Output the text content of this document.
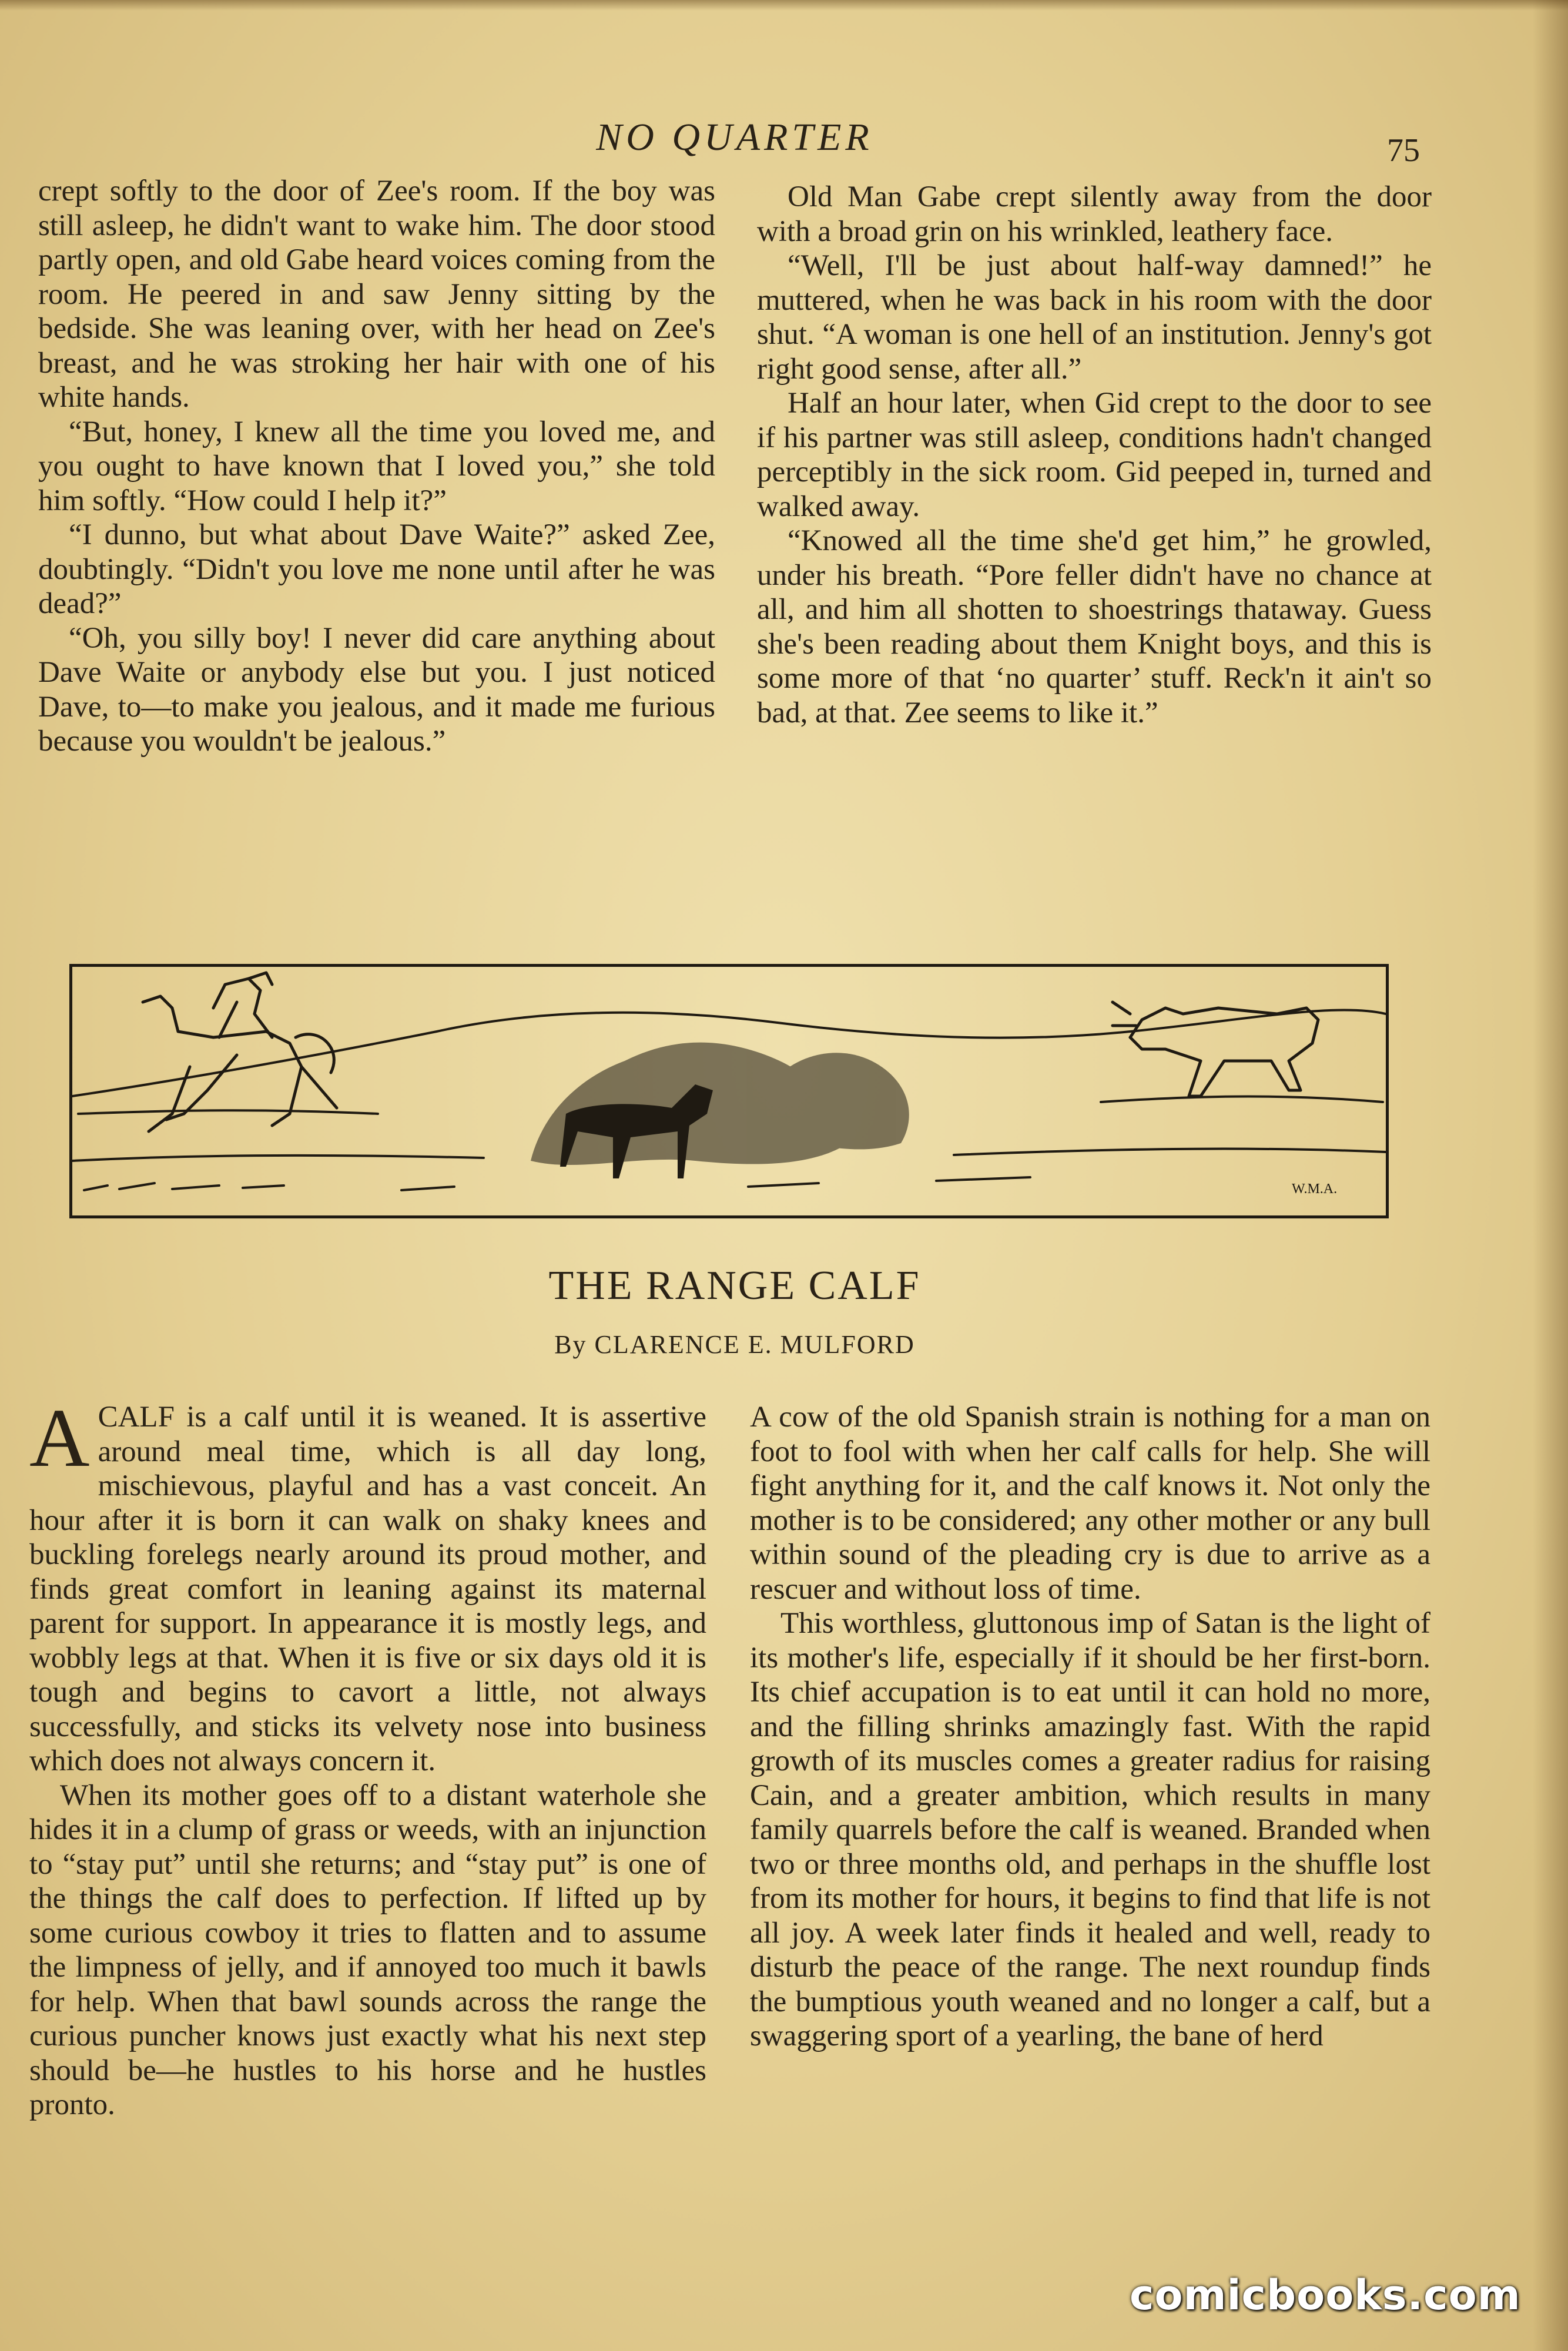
NO QUARTER	75

crept softly to the door of Zee's room. If the boy was still asleep, he didn't want to wake him. The door stood partly open, and old Gabe heard voices coming from the room. He peered in and saw Jenny sitting by the bedside. She was leaning over, with her head on Zee's breast, and he was stroking her hair with one of his white hands.

“But, honey, I knew all the time you loved me, and you ought to have known that I loved you,” she told him softly. “How could I help it?”

“I dunno, but what about Dave Waite?” asked Zee, doubtingly. “Didn't you love me none until after he was dead?”

“Oh, you silly boy! I never did care anything about Dave Waite or anybody else but you. I just noticed Dave, to—to make you jealous, and it made me furious because you wouldn't be jealous.”

Old Man Gabe crept silently away from the door with a broad grin on his wrinkled, leathery face.

“Well, I'll be just about half-way damned!” he muttered, when he was back in his room with the door shut. “A woman is one hell of an institution. Jenny's got right good sense, after all.”

Half an hour later, when Gid crept to the door to see if his partner was still asleep, conditions hadn't changed perceptibly in the sick room. Gid peeped in, turned and walked away.

“Knowed all the time she'd get him,” he growled, under his breath. “Pore feller didn't have no chance at all, and him all shotten to shoestrings thataway. Guess she's been reading about them Knight boys, and this is some more of that ‘no quarter’ stuff. Reck'n it ain't so bad, at that. Zee seems to like it.”

W.M.A.
THE RANGE CALF
By CLARENCE E. MULFORD

ACALF is a calf until it is weaned. It is assertive around meal time, which is all day long, mischievous, playful and has a vast conceit. An hour after it is born it can walk on shaky knees and buckling forelegs nearly around its proud mother, and finds great comfort in leaning against its maternal parent for support. In appearance it is mostly legs, and wobbly legs at that. When it is five or six days old it is tough and begins to cavort a little, not always successfully, and sticks its velvety nose into business which does not always concern it.

When its mother goes off to a distant waterhole she hides it in a clump of grass or weeds, with an injunction to “stay put” until she returns; and “stay put” is one of the things the calf does to perfection. If lifted up by some curious cowboy it tries to flatten and to assume the limpness of jelly, and if annoyed too much it bawls for help. When that bawl sounds across the range the curious puncher knows just exactly what his next step should be—he hustles to his horse and he hustles pronto.

A cow of the old Spanish strain is nothing for a man on foot to fool with when her calf calls for help. She will fight anything for it, and the calf knows it. Not only the mother is to be considered; any other mother or any bull within sound of the pleading cry is due to arrive as a rescuer and without loss of time.

This worthless, gluttonous imp of Satan is the light of its mother's life, especially if it should be her first-born. Its chief accupation is to eat until it can hold no more, and the filling shrinks amazingly fast. With the rapid growth of its muscles comes a greater radius for raising Cain, and a greater ambition, which results in many family quarrels before the calf is weaned. Branded when two or three months old, and perhaps in the shuffle lost from its mother for hours, it begins to find that life is not all joy. A week later finds it healed and well, ready to disturb the peace of the range. The next roundup finds the bumptious youth weaned and no longer a calf, but a swaggering sport of a yearling, the bane of herd

comicbooks.com
